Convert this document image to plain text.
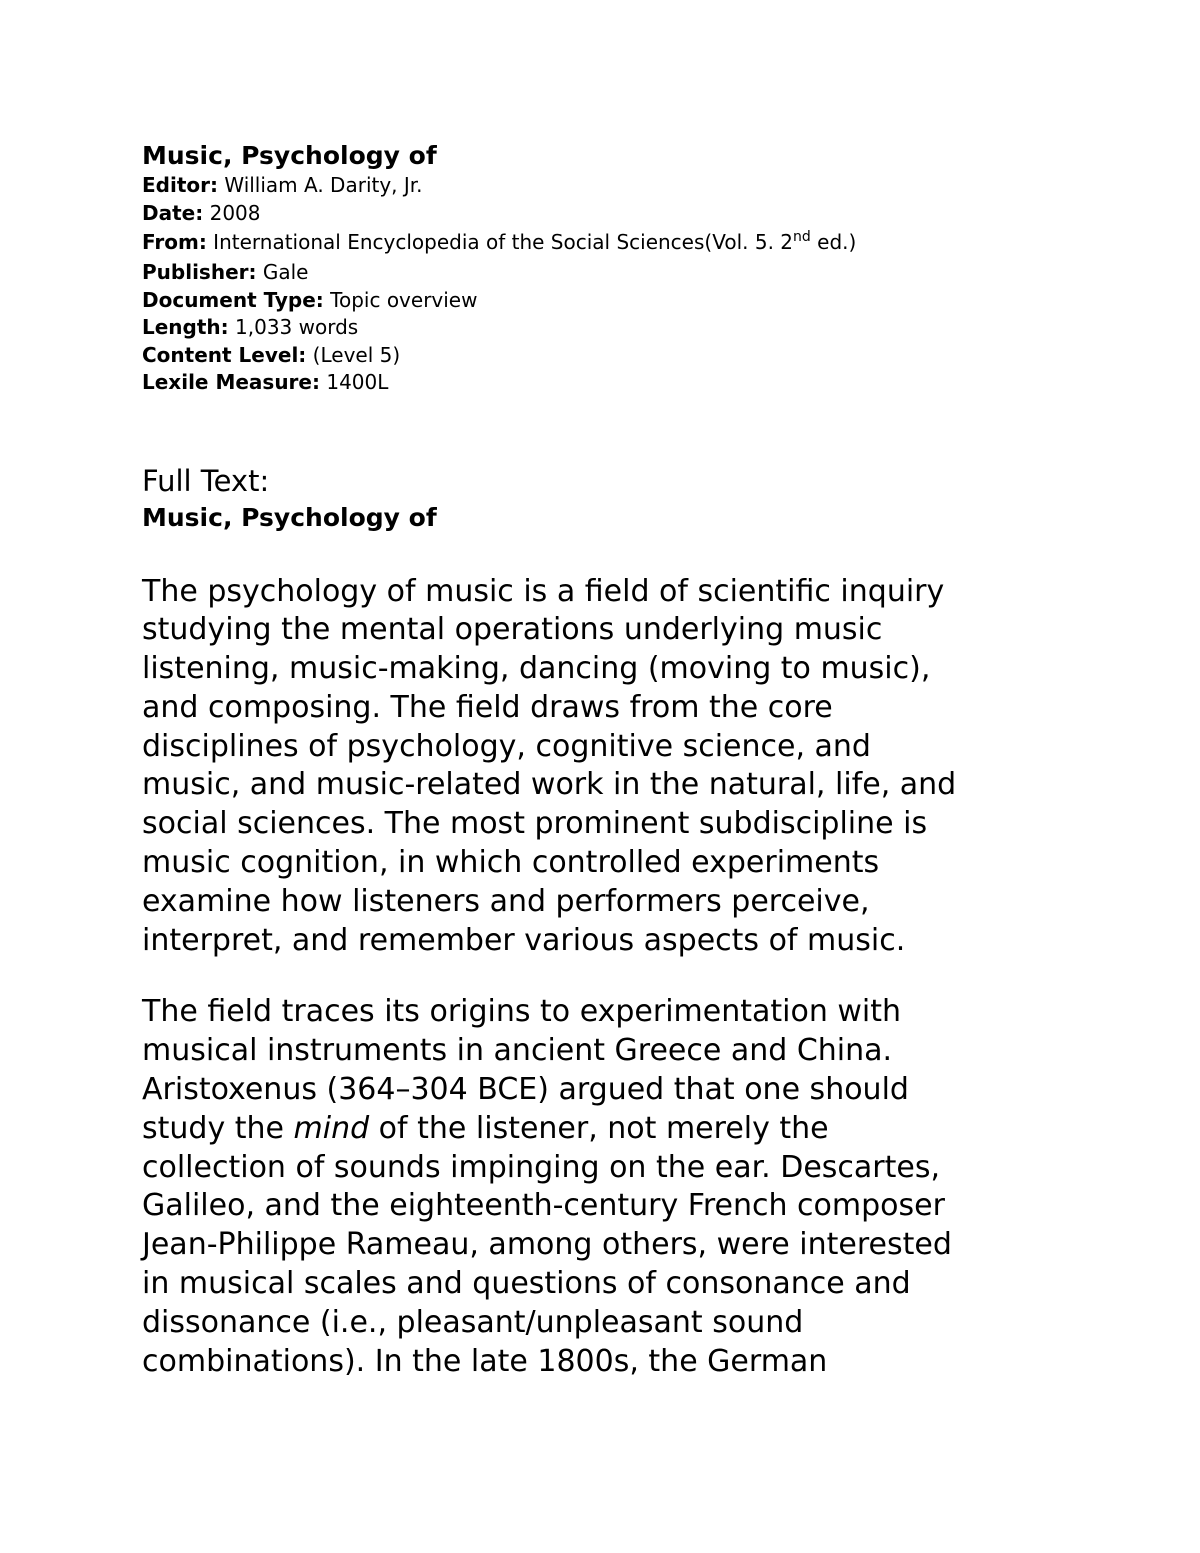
Music, Psychology of
Editor: William A. Darity, Jr.
Date: 2008
From: International Encyclopedia of the Social Sciences(Vol. 5. 2nd ed.)
Publisher: Gale
Document Type: Topic overview
Length: 1,033 words
Content Level: (Level 5)
Lexile Measure: 1400L

Full Text:

Music, Psychology of

The psychology of music is a field of scientific inquiry
studying the mental operations underlying music
listening, music-making, dancing (moving to music),
and composing. The field draws from the core
disciplines of psychology, cognitive science, and
music, and music-related work in the natural, life, and
social sciences. The most prominent subdiscipline is
music cognition, in which controlled experiments
examine how listeners and performers perceive,
interpret, and remember various aspects of music.

The field traces its origins to experimentation with
musical instruments in ancient Greece and China.
Aristoxenus (364–304 BCE) argued that one should
study the mind of the listener, not merely the
collection of sounds impinging on the ear. Descartes,
Galileo, and the eighteenth-century French composer
Jean-Philippe Rameau, among others, were interested
in musical scales and questions of consonance and
dissonance (i.e., pleasant/unpleasant sound
combinations). In the late 1800s, the German
